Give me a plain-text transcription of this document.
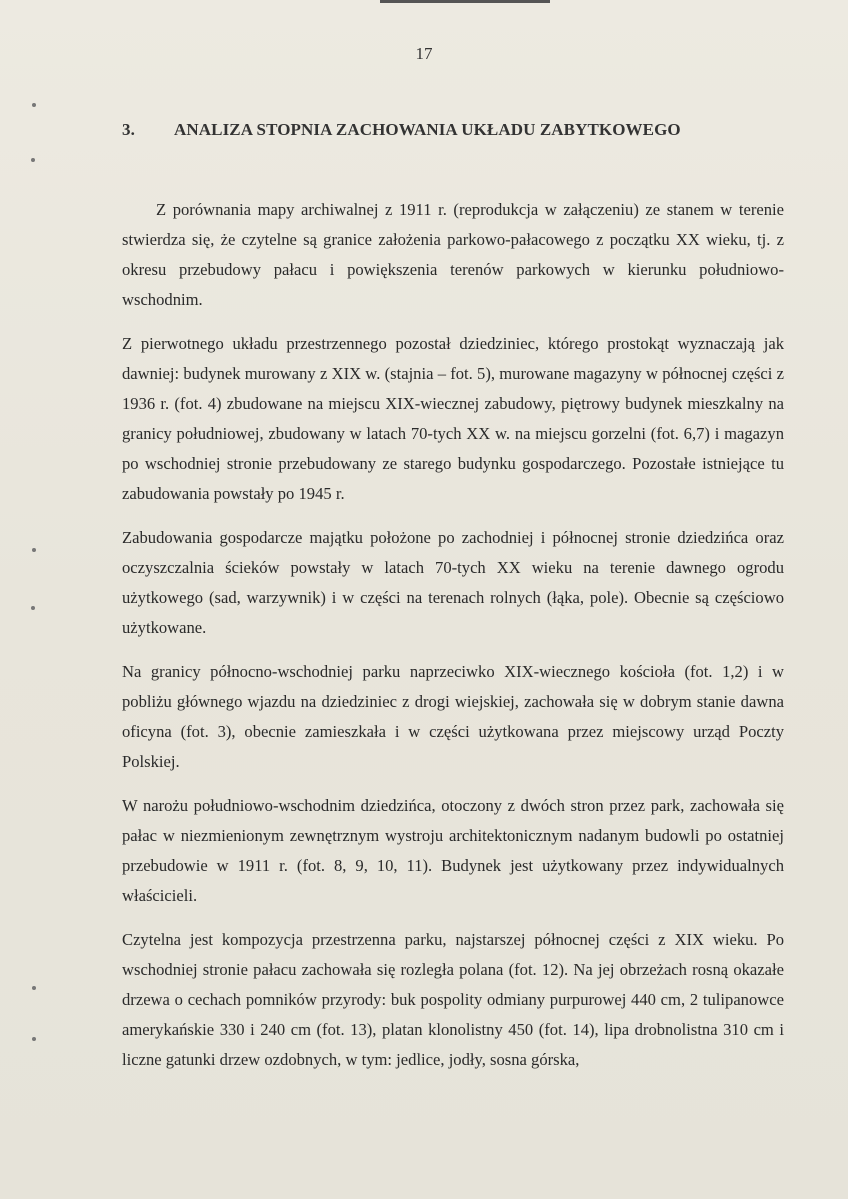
17
3. ANALIZA STOPNIA ZACHOWANIA UKŁADU ZABYTKOWEGO

Z porównania mapy archiwalnej z 1911 r. (reprodukcja w załączeniu) ze stanem w terenie stwierdza się, że czytelne są granice założenia parkowo-pałacowego z początku XX wieku, tj. z okresu przebudowy pałacu i powiększenia terenów parkowych w kierunku południowo-wschodnim.

Z pierwotnego układu przestrzennego pozostał dziedziniec, którego prostokąt wyznaczają jak dawniej: budynek murowany z XIX w. (stajnia – fot. 5), murowane magazyny w północnej części z 1936 r. (fot. 4) zbudowane na miejscu XIX-wiecznej zabudowy, piętrowy budynek mieszkalny na granicy południowej, zbudowany w latach 70-tych XX w. na miejscu gorzelni (fot. 6,7) i magazyn po wschodniej stronie przebudowany ze starego budynku gospodarczego. Pozostałe istniejące tu zabudowania powstały po 1945 r.

Zabudowania gospodarcze majątku położone po zachodniej i północnej stronie dziedzińca oraz oczyszczalnia ścieków powstały w latach 70-tych XX wieku na terenie dawnego ogrodu użytkowego (sad, warzywnik) i w części na terenach rolnych (łąka, pole). Obecnie są częściowo użytkowane.

Na granicy północno-wschodniej parku naprzeciwko XIX-wiecznego kościoła (fot. 1,2) i w pobliżu głównego wjazdu na dziedziniec z drogi wiejskiej, zachowała się w dobrym stanie dawna oficyna (fot. 3), obecnie zamieszkała i w części użytkowana przez miejscowy urząd Poczty Polskiej.

W narożu południowo-wschodnim dziedzińca, otoczony z dwóch stron przez park, zachowała się pałac w niezmienionym zewnętrznym wystroju architektonicznym nadanym budowli po ostatniej przebudowie w 1911 r. (fot. 8, 9, 10, 11). Budynek jest użytkowany przez indywidualnych właścicieli.

Czytelna jest kompozycja przestrzenna parku, najstarszej północnej części z XIX wieku. Po wschodniej stronie pałacu zachowała się rozległa polana (fot. 12). Na jej obrzeżach rosną okazałe drzewa o cechach pomników przyrody: buk pospolity odmiany purpurowej 440 cm, 2 tulipanowce amerykańskie 330 i 240 cm (fot. 13), platan klonolistny 450 (fot. 14), lipa drobnolistna 310 cm i liczne gatunki drzew ozdobnych, w tym: jedlice, jodły, sosna górska,
